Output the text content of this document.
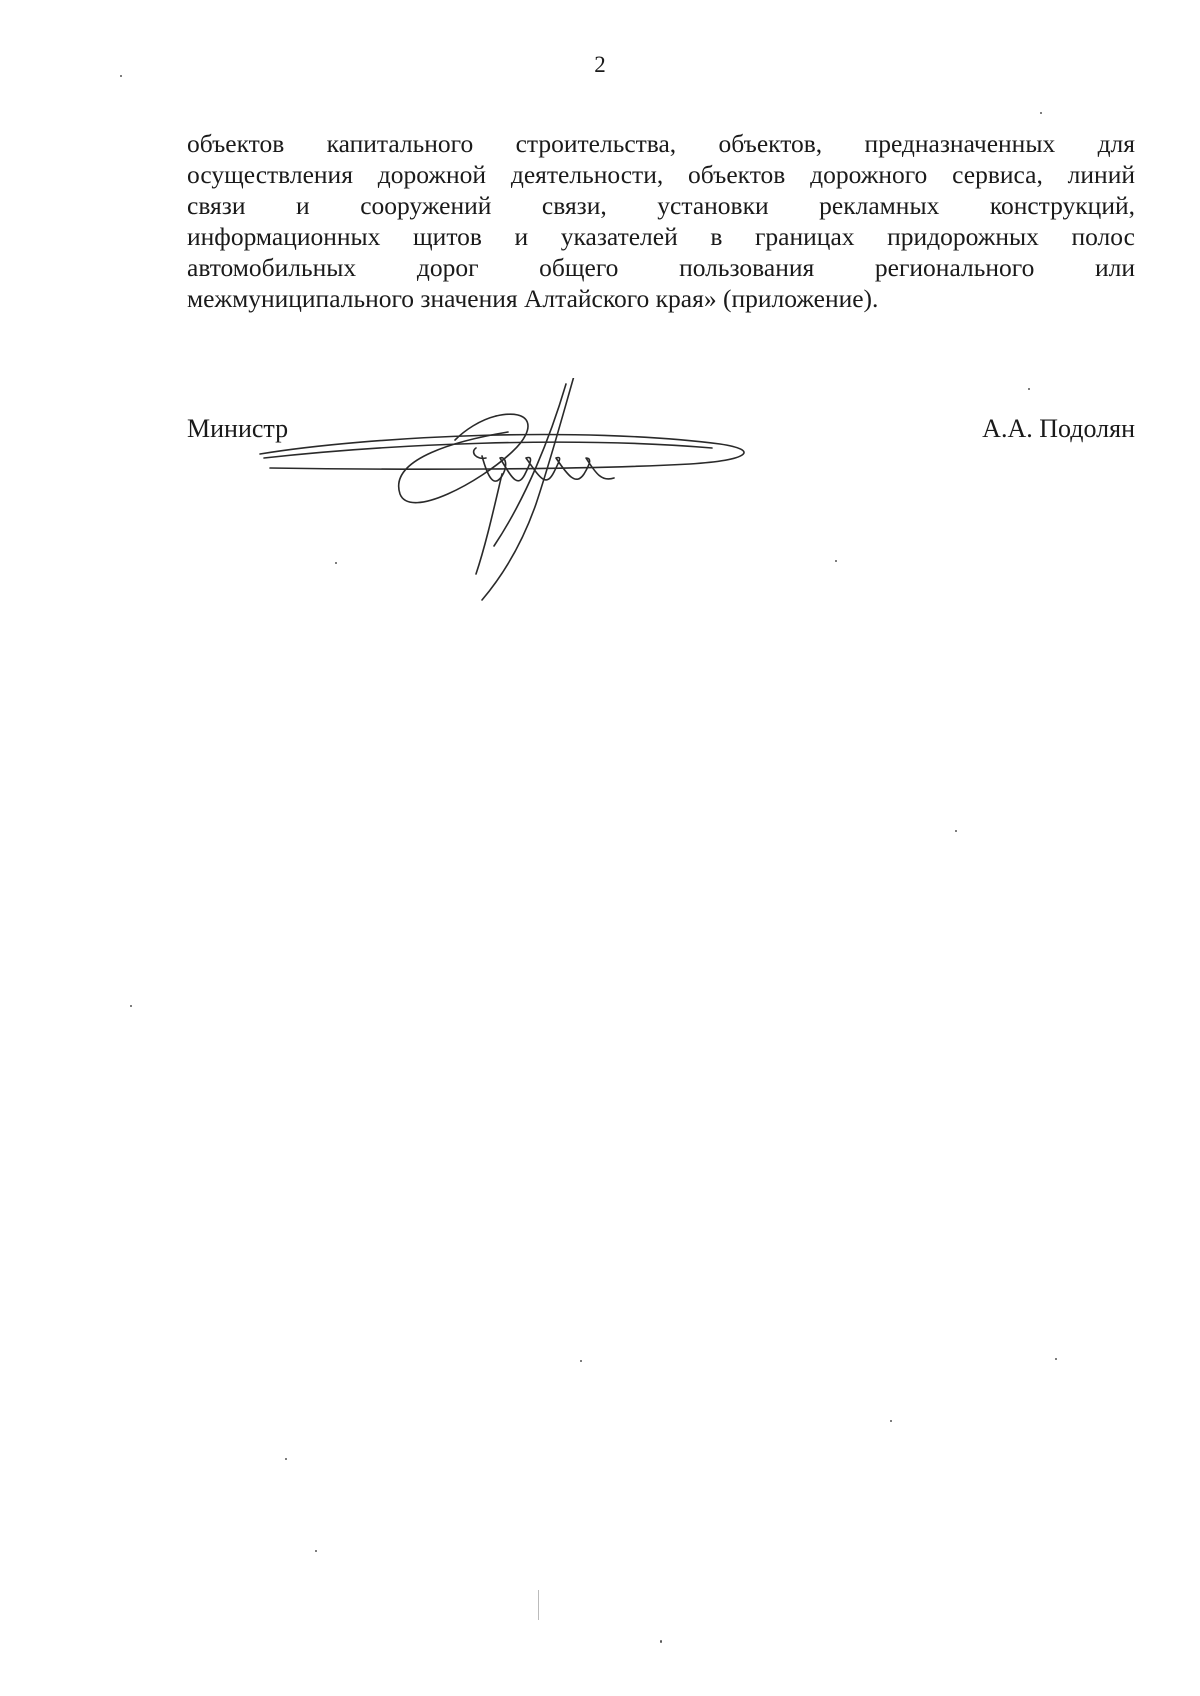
2
объектов капитального строительства, объектов, предназначенных для
осуществления дорожной деятельности, объектов дорожного сервиса, линий
связи и сооружений связи, установки рекламных конструкций,
информационных щитов и указателей в границах придорожных полос
автомобильных дорог общего пользования регионального или
межмуниципального значения Алтайского края» (приложение).
Министр	А.А. Подолян
